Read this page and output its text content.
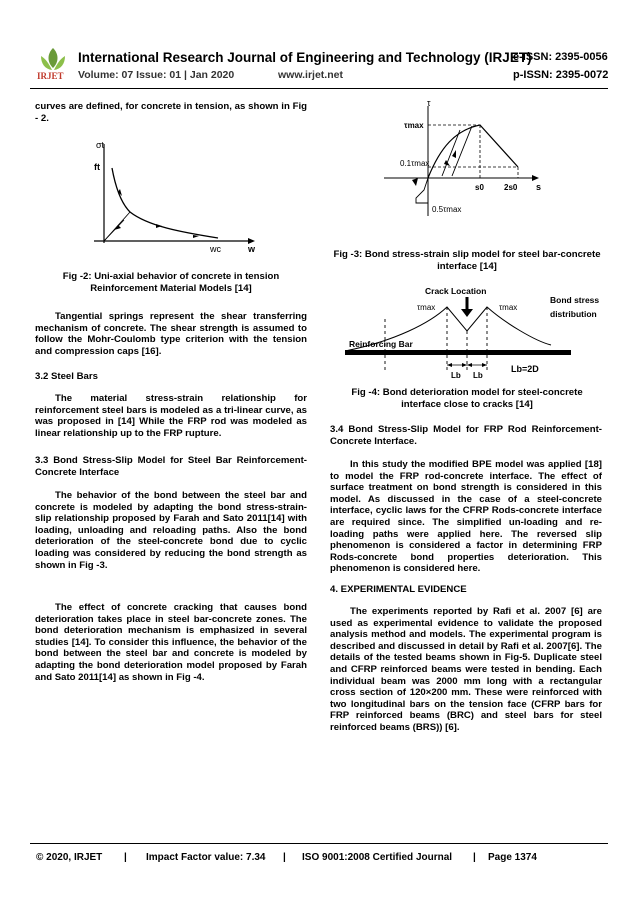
IRJET
International Research Journal of Engineering and Technology (IRJET)
e-ISSN: 2395-0056
Volume: 07 Issue: 01 | Jan 2020	www.irjet.net	p-ISSN: 2395-0072
curves are defined, for concrete in tension, as shown in Fig - 2.
σt
ft
wc	w
Fig -2: Uni-axial behavior of concrete in tension Reinforcement Material Models [14]
Tangential springs represent the shear transferring mechanism of concrete. The shear strength is assumed to follow the Mohr-Coulomb type criterion with the tension and compression caps [16].
3.2 Steel Bars
The material stress-strain relationship for reinforcement steel bars is modeled as a tri-linear curve, as was proposed in [14] While the FRP rod was modeled as linear relationship up to the FRP rupture.
3.3 Bond Stress-Slip Model for Steel Bar Reinforcement-Concrete Interface
The behavior of the bond between the steel bar and concrete is modeled by adapting the bond stress-strain-slip relationship proposed by Farah and Sato 2011[14] with loading, unloading and reloading paths. Also the bond deterioration of the steel-concrete bond due to cyclic loading was considered by reducing the bond strength as shown in Fig -3.
The effect of concrete cracking that causes bond deterioration takes place in steel bar-concrete zones. The bond deterioration mechanism is emphasized in several studies [14]. To consider this influence, the behavior of the bond between the steel bar and concrete is modeled by adapting the bond deterioration model proposed by Farah and Sato 2011[14] as shown in Fig -4.
τ
τmax
0.1τmax
0.5τmax
s0	2s0 s
Fig -3: Bond stress-strain slip model for steel bar-concrete interface [14]
Crack Location
τmax	τmax
Bond stress
distribution
Reinforcing Bar
Lb Lb
Lb=2D
Fig -4: Bond deterioration model for steel-concrete interface close to cracks [14]
3.4 Bond Stress-Slip Model for FRP Rod Reinforcement-Concrete Interface.
In this study the modified BPE model was applied [18] to model the FRP rod-concrete interface. The effect of surface treatment on bond strength is considered in this model. As discussed in the case of a steel-concrete interface, cyclic laws for the CFRP Rods-concrete interface are required since. The simplified un-loading and re-loading paths were applied here. The reversed slip phenomenon is considered a factor in determining FRP Rods-concrete bond properties deterioration. This phenomenon is considered here.
4. EXPERIMENTAL EVIDENCE
The experiments reported by Rafi et al. 2007 [6] are used as experimental evidence to validate the proposed analysis method and models. The experimental program is described and discussed in detail by Rafi et al. 2007[6]. The details of the tested beams shown in Fig-5. Duplicate steel and CFRP reinforced beams were tested in bending. Each individual beam was 2000 mm long with a rectangular cross section of 120×200 mm. These were reinforced with two longitudinal bars on the tension face (CFRP bars for FRP reinforced beams (BRC) and steel bars for steel reinforced beams (BRS)) [6].
© 2020, IRJET | Impact Factor value: 7.34 | ISO 9001:2008 Certified Journal | Page 1374
